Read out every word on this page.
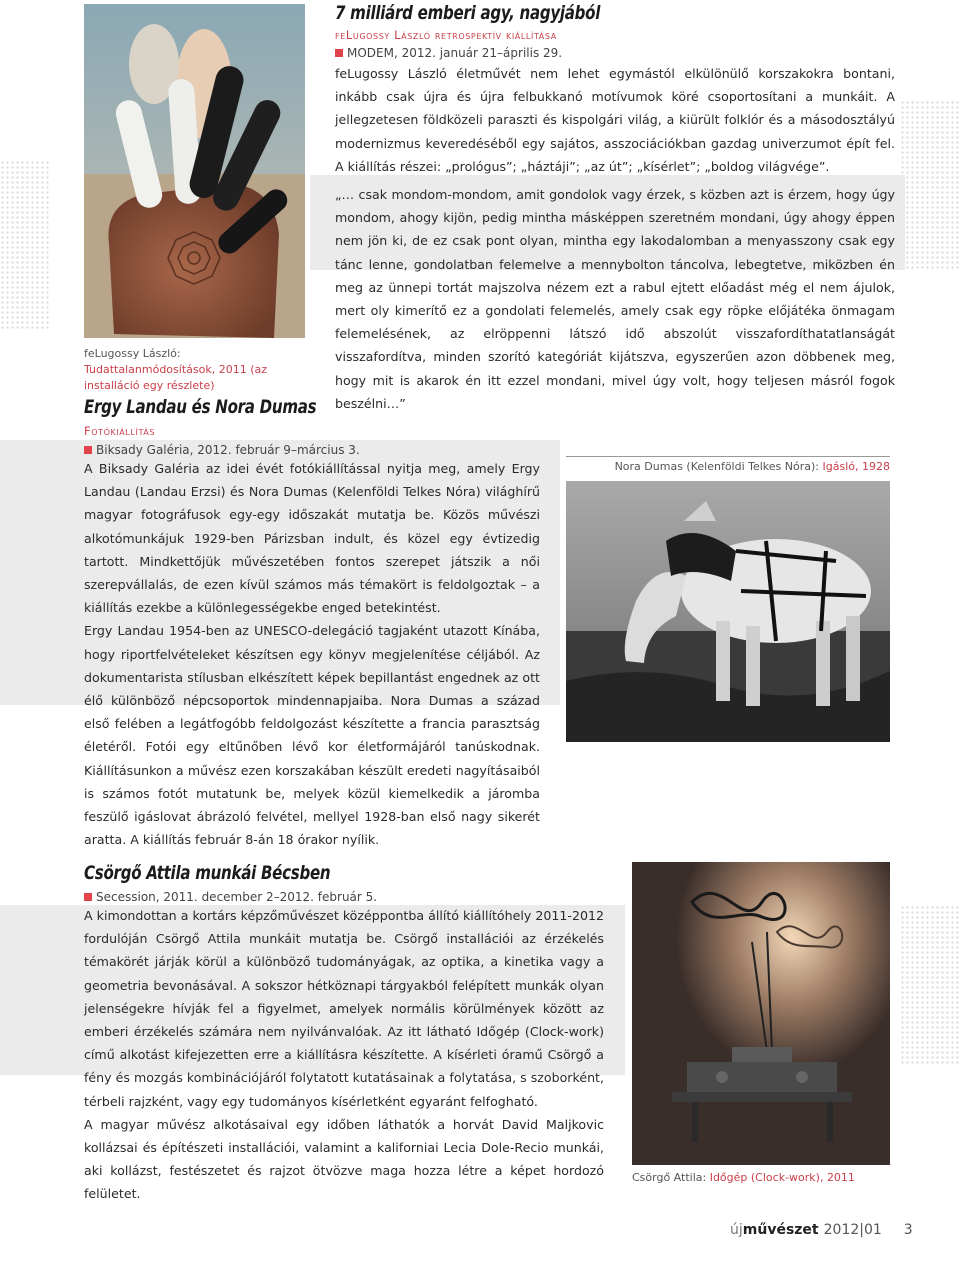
feLugossy László: Tudattalanmódosítások, 2011 (az installáció egy részlete)
7 milliárd emberi agy, nagyjából
feLugossy László retrospektív kiállítása
MODEM, 2012. január 21–április 29.

feLugossy László életművét nem lehet egymástól elkülönülő korszakokra bontani, inkább csak újra és újra felbukkanó motívumok köré csoportosítani a munkáit. A jellegzetesen földközeli paraszti és kispolgári világ, a kiürült folklór és a másodosztályú modernizmus keveredéséből egy sajátos, asszociációkban gazdag univerzumot épít fel. A kiállítás részei: „prológus”; „háztáji”; „az út”; „kísérlet”; „boldog világvége”.

„… csak mondom-mondom, amit gondolok vagy érzek, s közben azt is érzem, hogy úgy mondom, ahogy kijön, pedig mintha másképpen szeretném mondani, úgy ahogy éppen nem jön ki, de ez csak pont olyan, mintha egy lakodalomban a menyasszony csak egy tánc lenne, gondolatban felemelve a mennybolton táncolva, lebegtetve, miközben én meg az ünnepi tortát majszolva nézem ezt a rabul ejtett előadást még el nem ájulok, mert oly kimerítő ez a gondolati felemelés, amely csak egy röpke előjátéka önmagam felemelésének, az elröppenni látszó idő abszolút visszafordíthatatlanságát visszafordítva, minden szorító kategóriát kijátszva, egyszerűen azon döbbenek meg, hogy mit is akarok én itt ezzel mondani, mivel úgy volt, hogy teljesen másról fogok beszélni…”

Ergy Landau és Nora Dumas
Fotókiállítás
Biksady Galéria, 2012. február 9–március 3.

A Biksady Galéria az idei évét fotókiállítással nyitja meg, amely Ergy Landau (Landau Erzsi) és Nora Dumas (Kelenföldi Telkes Nóra) világhírű magyar fotográfusok egy-egy időszakát mutatja be. Közös művészi alkotómunkájuk 1929-ben Párizsban indult, és közel egy évtizedig tartott. Mindkettőjük művészetében fontos szerepet játszik a női szerepvállalás, de ezen kívül számos más témakört is feldolgoztak – a kiállítás ezekbe a különlegességekbe enged betekintést.

Ergy Landau 1954-ben az UNESCO-delegáció tagjaként utazott Kínába, hogy riportfelvételeket készítsen egy könyv megjelenítése céljából. Az dokumentarista stílusban elkészített képek bepillantást engednek az ott élő különböző népcsoportok mindennapjaiba. Nora Dumas a század első felében a legátfogóbb feldolgozást készítette a francia parasztság életéről. Fotói egy eltűnőben lévő kor életformájáról tanúskodnak. Kiállításunkon a művész ezen korszakában készült eredeti nagyításaiból is számos fotót mutatunk be, melyek közül kiemelkedik a járomba feszülő igáslovat ábrázoló felvétel, mellyel 1928-ban első nagy sikerét aratta. A kiállítás február 8-án 18 órakor nyílik.

Nora Dumas (Kelenföldi Telkes Nóra): Igásló, 1928
Csörgő Attila munkái Bécsben
Secession, 2011. december 2–2012. február 5.

A kimondottan a kortárs képzőművészet középpontba állító kiállítóhely 2011-2012 fordulóján Csörgő Attila munkáit mutatja be. Csörgő installációi az érzékelés témakörét járják körül a különböző tudományágak, az optika, a kinetika vagy a geometria bevonásával. A sokszor hétköznapi tárgyakból felépített munkák olyan jelenségekre hívják fel a figyelmet, amelyek normális körülmények között az emberi érzékelés számára nem nyilvánvalóak. Az itt látható Időgép (Clock-work) című alkotást kifejezetten erre a kiállításra készítette. A kísérleti óramű Csörgő a fény és mozgás kombinációjáról folytatott kutatásainak a folytatása, s szoborként, térbeli rajzként, vagy egy tudományos kísérletként egyaránt felfogható.

A magyar művész alkotásaival egy időben láthatók a horvát David Maljkovic kollázsai és építészeti installációi, valamint a kaliforniai Lecia Dole-Recio munkái, aki kollázst, festészetet és rajzot ötvözve maga hozza létre a képet hordozó felületet.

Csörgő Attila: Időgép (Clock-work), 2011
új művészet 2012|01 3
